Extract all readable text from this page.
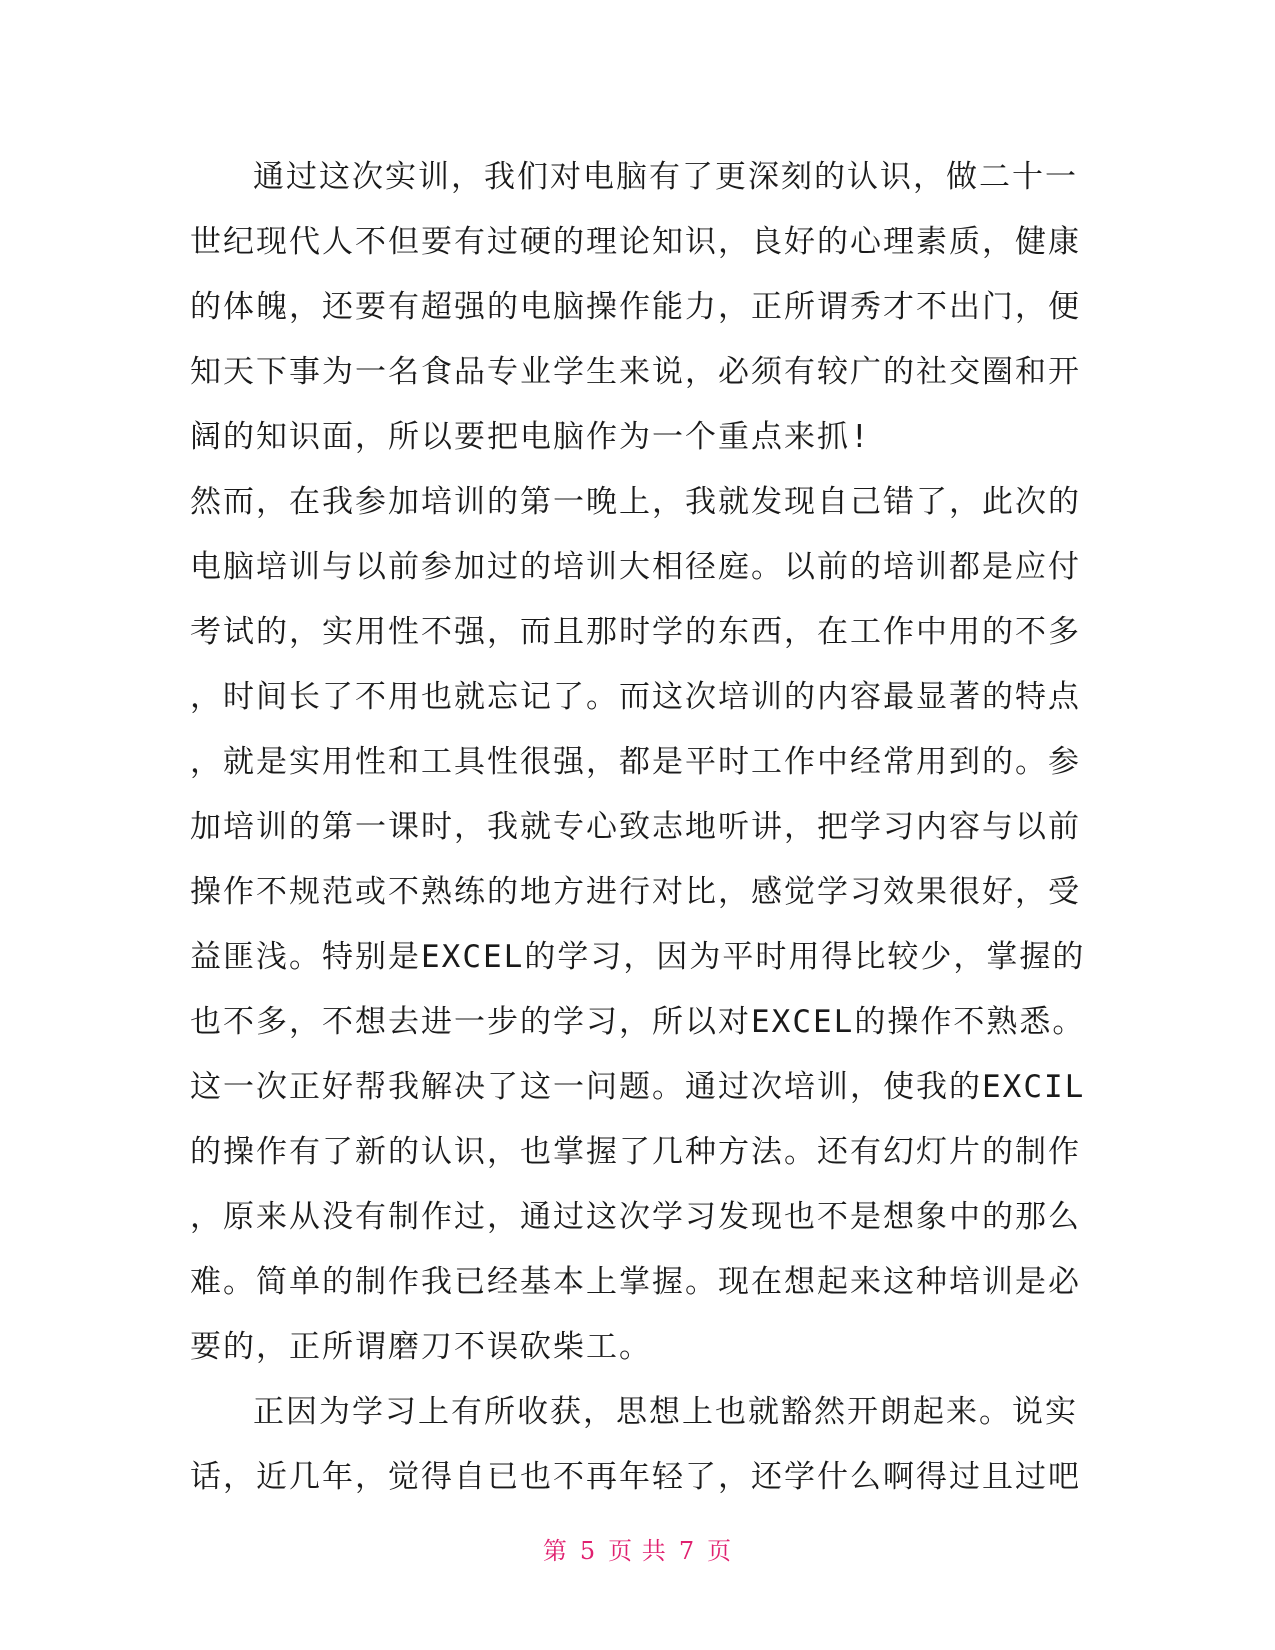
通过这次实训，我们对电脑有了更深刻的认识，做二十一
世纪现代人不但要有过硬的理论知识，良好的心理素质，健康
的体魄，还要有超强的电脑操作能力，正所谓秀才不出门，便
知天下事为一名食品专业学生来说，必须有较广的社交圈和开
阔的知识面，所以要把电脑作为一个重点来抓!
然而，在我参加培训的第一晚上，我就发现自己错了，此次的
电脑培训与以前参加过的培训大相径庭。以前的培训都是应付
考试的，实用性不强，而且那时学的东西，在工作中用的不多
，时间长了不用也就忘记了。而这次培训的内容最显著的特点
，就是实用性和工具性很强，都是平时工作中经常用到的。参
加培训的第一课时，我就专心致志地听讲，把学习内容与以前
操作不规范或不熟练的地方进行对比，感觉学习效果很好，受
益匪浅。特别是EXCEL的学习，因为平时用得比较少，掌握的
也不多，不想去进一步的学习，所以对EXCEL的操作不熟悉。
这一次正好帮我解决了这一问题。通过次培训，使我的EXCIL
的操作有了新的认识，也掌握了几种方法。还有幻灯片的制作
，原来从没有制作过，通过这次学习发现也不是想象中的那么
难。简单的制作我已经基本上掌握。现在想起来这种培训是必
要的，正所谓磨刀不误砍柴工。
正因为学习上有所收获，思想上也就豁然开朗起来。说实
话，近几年，觉得自已也不再年轻了，还学什么啊得过且过吧
第 5 页 共 7 页
